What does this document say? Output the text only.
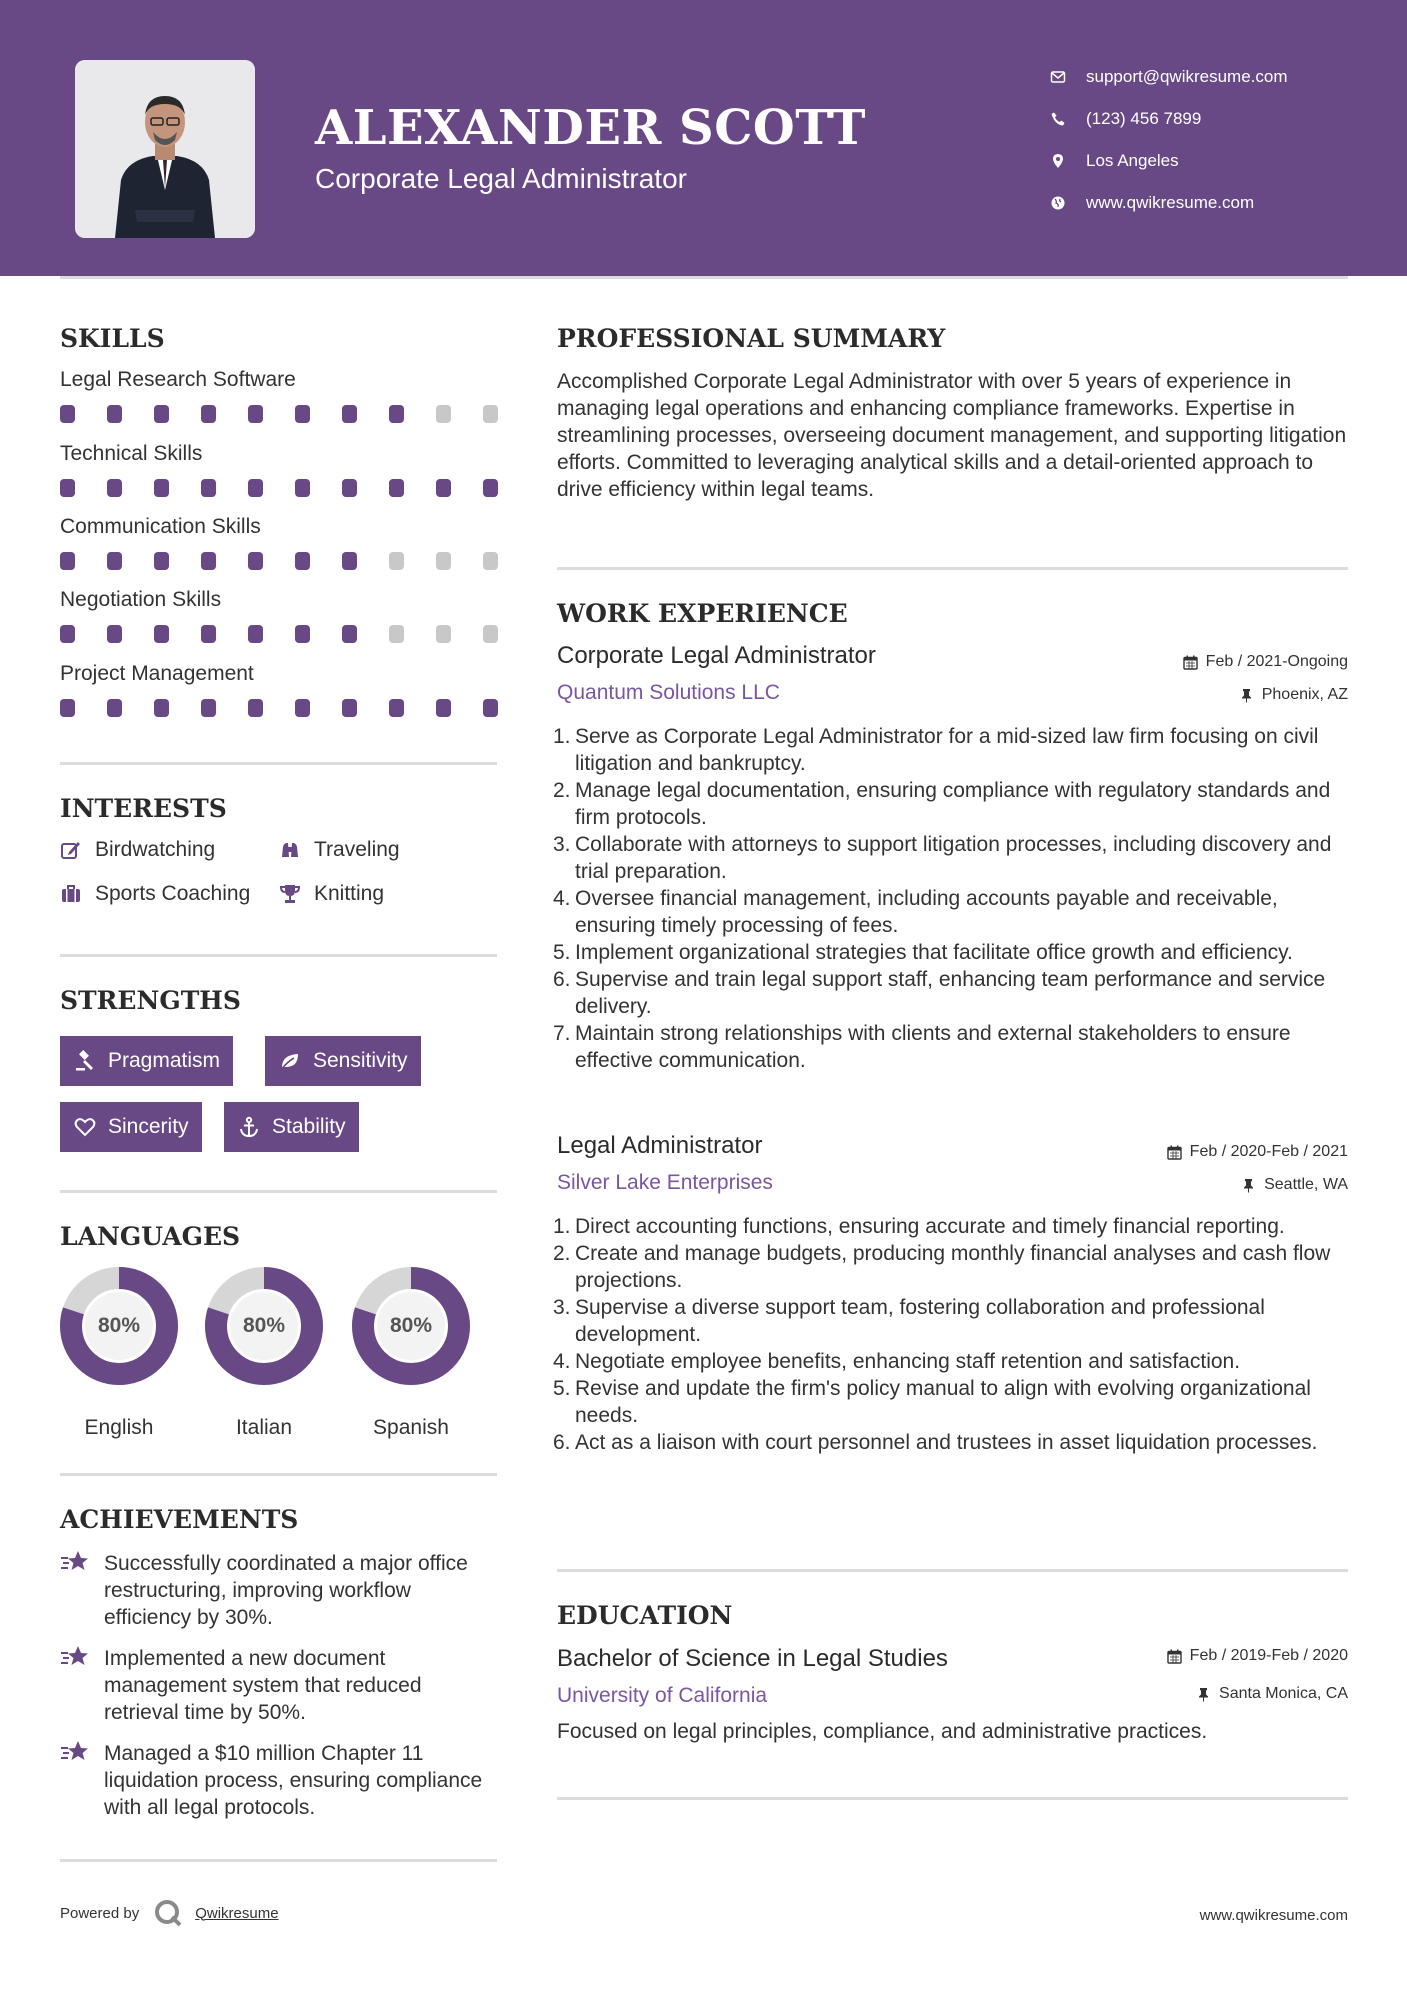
ALEXANDER SCOTT
Corporate Legal Administrator
support@qwikresume.com
(123) 456 7899
Los Angeles
www.qwikresume.com
SKILLS
Legal Research Software
Technical Skills
Communication Skills
Negotiation Skills
Project Management
INTERESTS
Birdwatching	Traveling
Sports Coaching	Knitting
STRENGTHS
Pragmatism	Sensitivity
Sincerity	Stability
LANGUAGES
80%
English
80%
Italian
80%
Spanish
ACHIEVEMENTS
Successfully coordinated a major office restructuring, improving workflow efficiency by 30%.
Implemented a new document management system that reduced retrieval time by 50%.
Managed a $10 million Chapter 11 liquidation process, ensuring compliance with all legal protocols.
PROFESSIONAL SUMMARY
Accomplished Corporate Legal Administrator with over 5 years of experience in managing legal operations and enhancing compliance frameworks. Expertise in streamlining processes, overseeing document management, and supporting litigation efforts. Committed to leveraging analytical skills and a detail-oriented approach to drive efficiency within legal teams.
WORK EXPERIENCE
Corporate Legal Administrator	Feb / 2021-Ongoing
Quantum Solutions LLC	Phoenix, AZ
1. Serve as Corporate Legal Administrator for a mid-sized law firm focusing on civil litigation and bankruptcy.
2. Manage legal documentation, ensuring compliance with regulatory standards and firm protocols.
3. Collaborate with attorneys to support litigation processes, including discovery and trial preparation.
4. Oversee financial management, including accounts payable and receivable, ensuring timely processing of fees.
5. Implement organizational strategies that facilitate office growth and efficiency.
6. Supervise and train legal support staff, enhancing team performance and service delivery.
7. Maintain strong relationships with clients and external stakeholders to ensure effective communication.
Legal Administrator	Feb / 2020-Feb / 2021
Silver Lake Enterprises	Seattle, WA
1. Direct accounting functions, ensuring accurate and timely financial reporting.
2. Create and manage budgets, producing monthly financial analyses and cash flow projections.
3. Supervise a diverse support team, fostering collaboration and professional development.
4. Negotiate employee benefits, enhancing staff retention and satisfaction.
5. Revise and update the firm's policy manual to align with evolving organizational needs.
6. Act as a liaison with court personnel and trustees in asset liquidation processes.
EDUCATION
Bachelor of Science in Legal Studies	Feb / 2019-Feb / 2020
University of California	Santa Monica, CA
Focused on legal principles, compliance, and administrative practices.
Powered by	Qwikresume	www.qwikresume.com
